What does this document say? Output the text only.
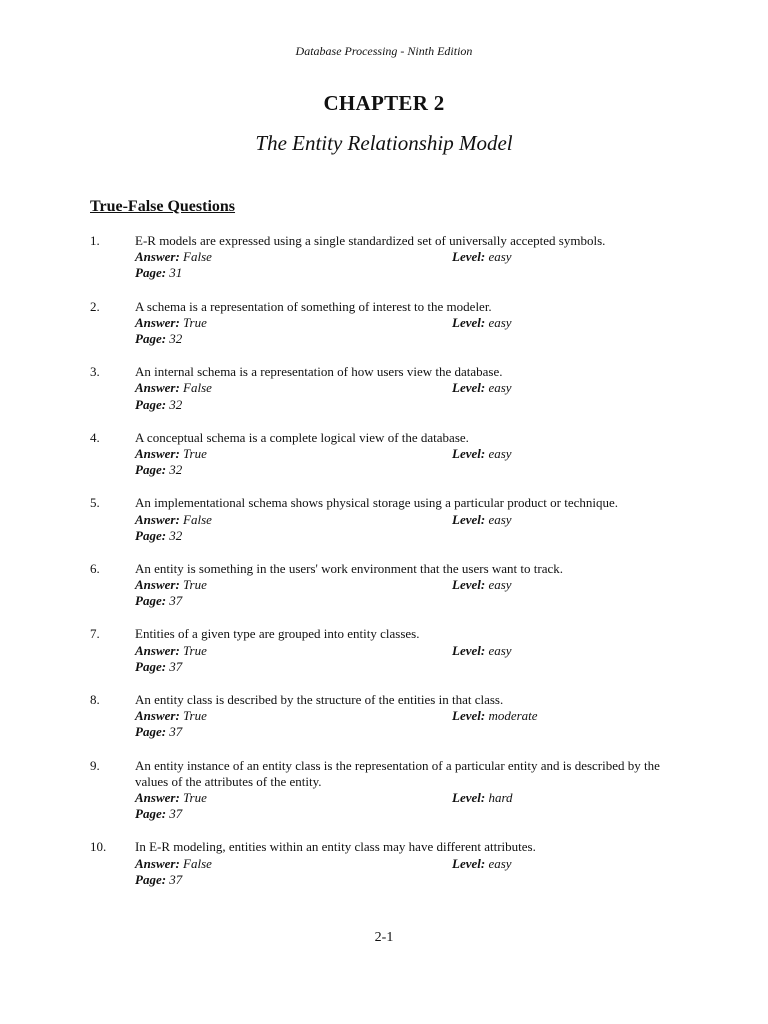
Database Processing - Ninth Edition
CHAPTER 2
The Entity Relationship Model
True-False Questions
1.	E-R models are expressed using a single standardized set of universally accepted symbols.
Answer: False	Level: easy
Page: 31
2.	A schema is a representation of something of interest to the modeler.
Answer: True	Level: easy
Page: 32
3.	An internal schema is a representation of how users view the database.
Answer: False	Level: easy
Page: 32
4.	A conceptual schema is a complete logical view of the database.
Answer: True	Level: easy
Page: 32
5.	An implementational schema shows physical storage using a particular product or technique.
Answer: False	Level: easy
Page: 32
6.	An entity is something in the users' work environment that the users want to track.
Answer: True	Level: easy
Page: 37
7.	Entities of a given type are grouped into entity classes.
Answer: True	Level: easy
Page: 37
8.	An entity class is described by the structure of the entities in that class.
Answer: True	Level: moderate
Page: 37
9.	An entity instance of an entity class is the representation of a particular entity and is described by the values of the attributes of the entity.
Answer: True	Level: hard
Page: 37
10. In E-R modeling, entities within an entity class may have different attributes.
Answer: False	Level: easy
Page: 37
2-1
